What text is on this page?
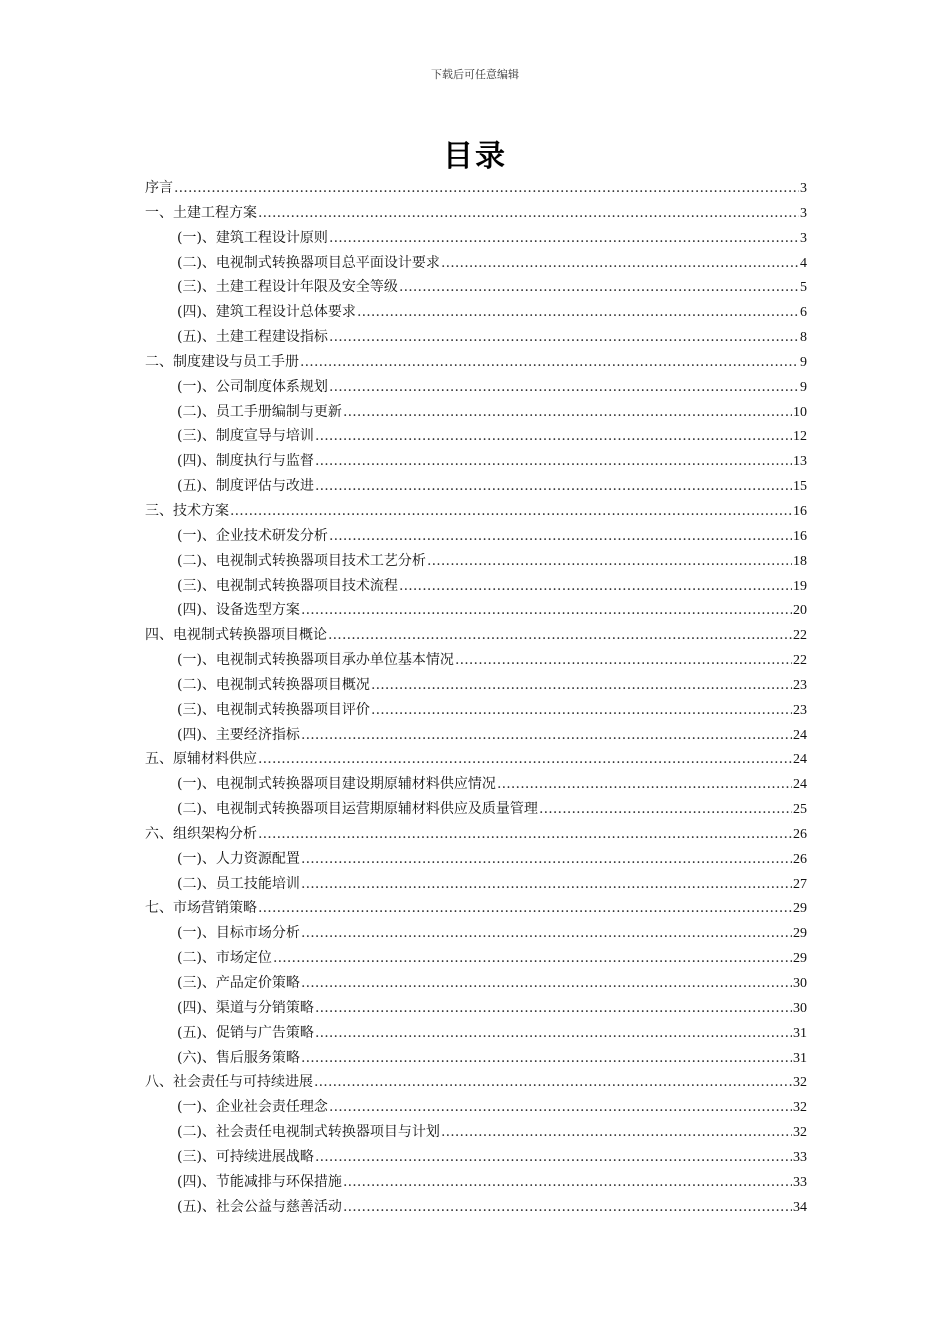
下载后可任意编辑
目录
序言 .....	3
一、土建工程方案 .....	3
(一)、建筑工程设计原则 .....	3
(二)、电视制式转换器项目总平面设计要求 .....	4
(三)、土建工程设计年限及安全等级 .....	5
(四)、建筑工程设计总体要求 .....	6
(五)、土建工程建设指标 .....	8
二、制度建设与员工手册 .....	9
(一)、公司制度体系规划 .....	9
(二)、员工手册编制与更新 .....	10
(三)、制度宣导与培训 .....	12
(四)、制度执行与监督 .....	13
(五)、制度评估与改进 .....	15
三、技术方案 .....	16
(一)、企业技术研发分析 .....	16
(二)、电视制式转换器项目技术工艺分析 .....	18
(三)、电视制式转换器项目技术流程 .....	19
(四)、设备选型方案 .....	20
四、电视制式转换器项目概论 .....	22
(一)、电视制式转换器项目承办单位基本情况 .....	22
(二)、电视制式转换器项目概况 .....	23
(三)、电视制式转换器项目评价 .....	23
(四)、主要经济指标 .....	24
五、原辅材料供应 .....	24
(一)、电视制式转换器项目建设期原辅材料供应情况 .....	24
(二)、电视制式转换器项目运营期原辅材料供应及质量管理 .....	25
六、组织架构分析 .....	26
(一)、人力资源配置 .....	26
(二)、员工技能培训 .....	27
七、市场营销策略 .....	29
(一)、目标市场分析 .....	29
(二)、市场定位 .....	29
(三)、产品定价策略 .....	30
(四)、渠道与分销策略 .....	30
(五)、促销与广告策略 .....	31
(六)、售后服务策略 .....	31
八、社会责任与可持续进展 .....	32
(一)、企业社会责任理念 .....	32
(二)、社会责任电视制式转换器项目与计划 .....	32
(三)、可持续进展战略 .....	33
(四)、节能减排与环保措施 .....	33
(五)、社会公益与慈善活动 .....	34
